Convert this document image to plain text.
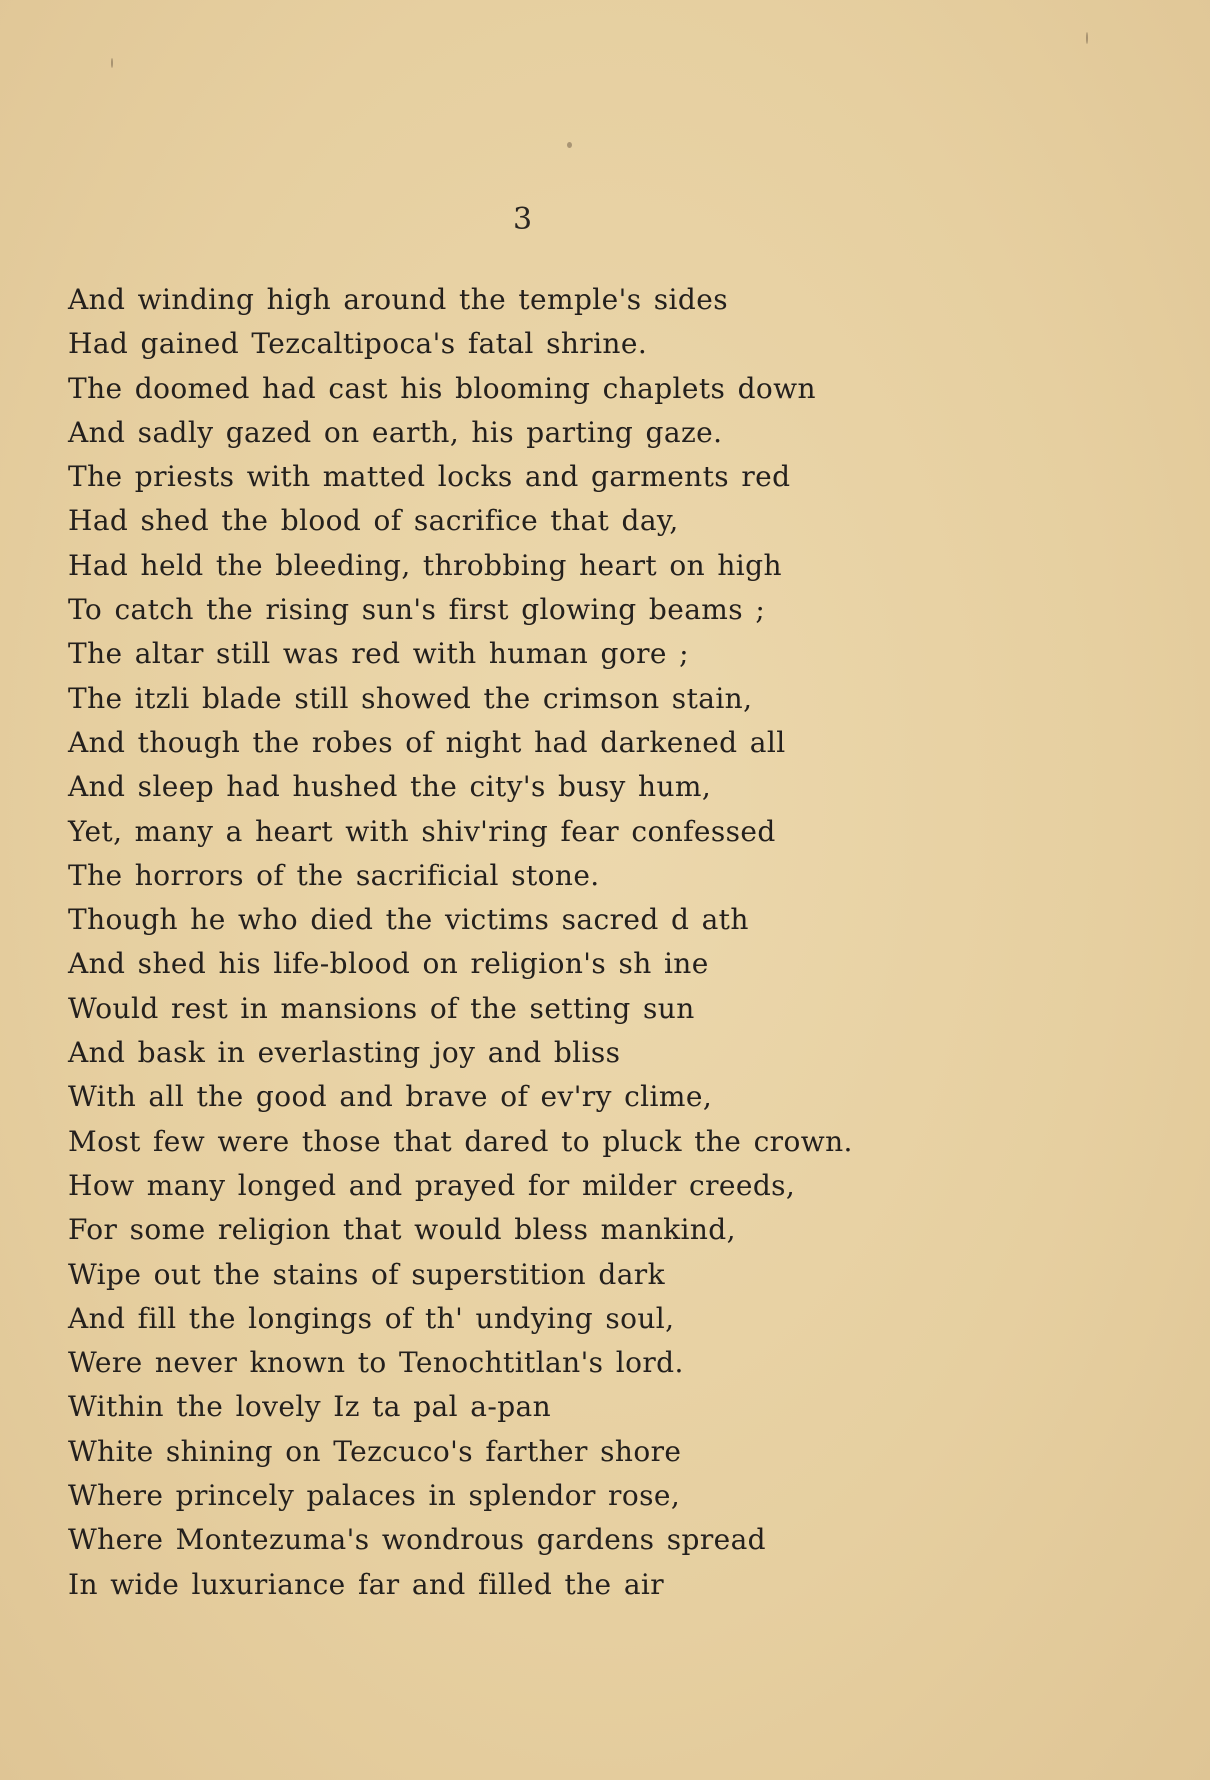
3
And winding high around the temple's sides
Had gained Tezcaltipoca's fatal shrine.
The doomed had cast his blooming chaplets down
And sadly gazed on earth, his parting gaze.
The priests with matted locks and garments red
Had shed the blood of sacrifice that day,
Had held the bleeding, throbbing heart on high
To catch the rising sun's first glowing beams ;
The altar still was red with human gore ;
The itzli blade still showed the crimson stain,
And though the robes of night had darkened all
And sleep had hushed the city's busy hum,
Yet, many a heart with shiv'ring fear confessed
The horrors of the sacrificial stone.
Though he who died the victims sacred d ath
And shed his life-blood on religion's sh ine
Would rest in mansions of the setting sun
And bask in everlasting joy and bliss
With all the good and brave of ev'ry clime,
Most few were those that dared to pluck the crown.
How many longed and prayed for milder creeds,
For some religion that would bless mankind,
Wipe out the stains of superstition dark
And fill the longings of th' undying soul,
Were never known to Tenochtitlan's lord.
Within the lovely Iz ta pal a-pan
White shining on Tezcuco's farther shore
Where princely palaces in splendor rose,
Where Montezuma's wondrous gardens spread
In wide luxuriance far and filled the air
